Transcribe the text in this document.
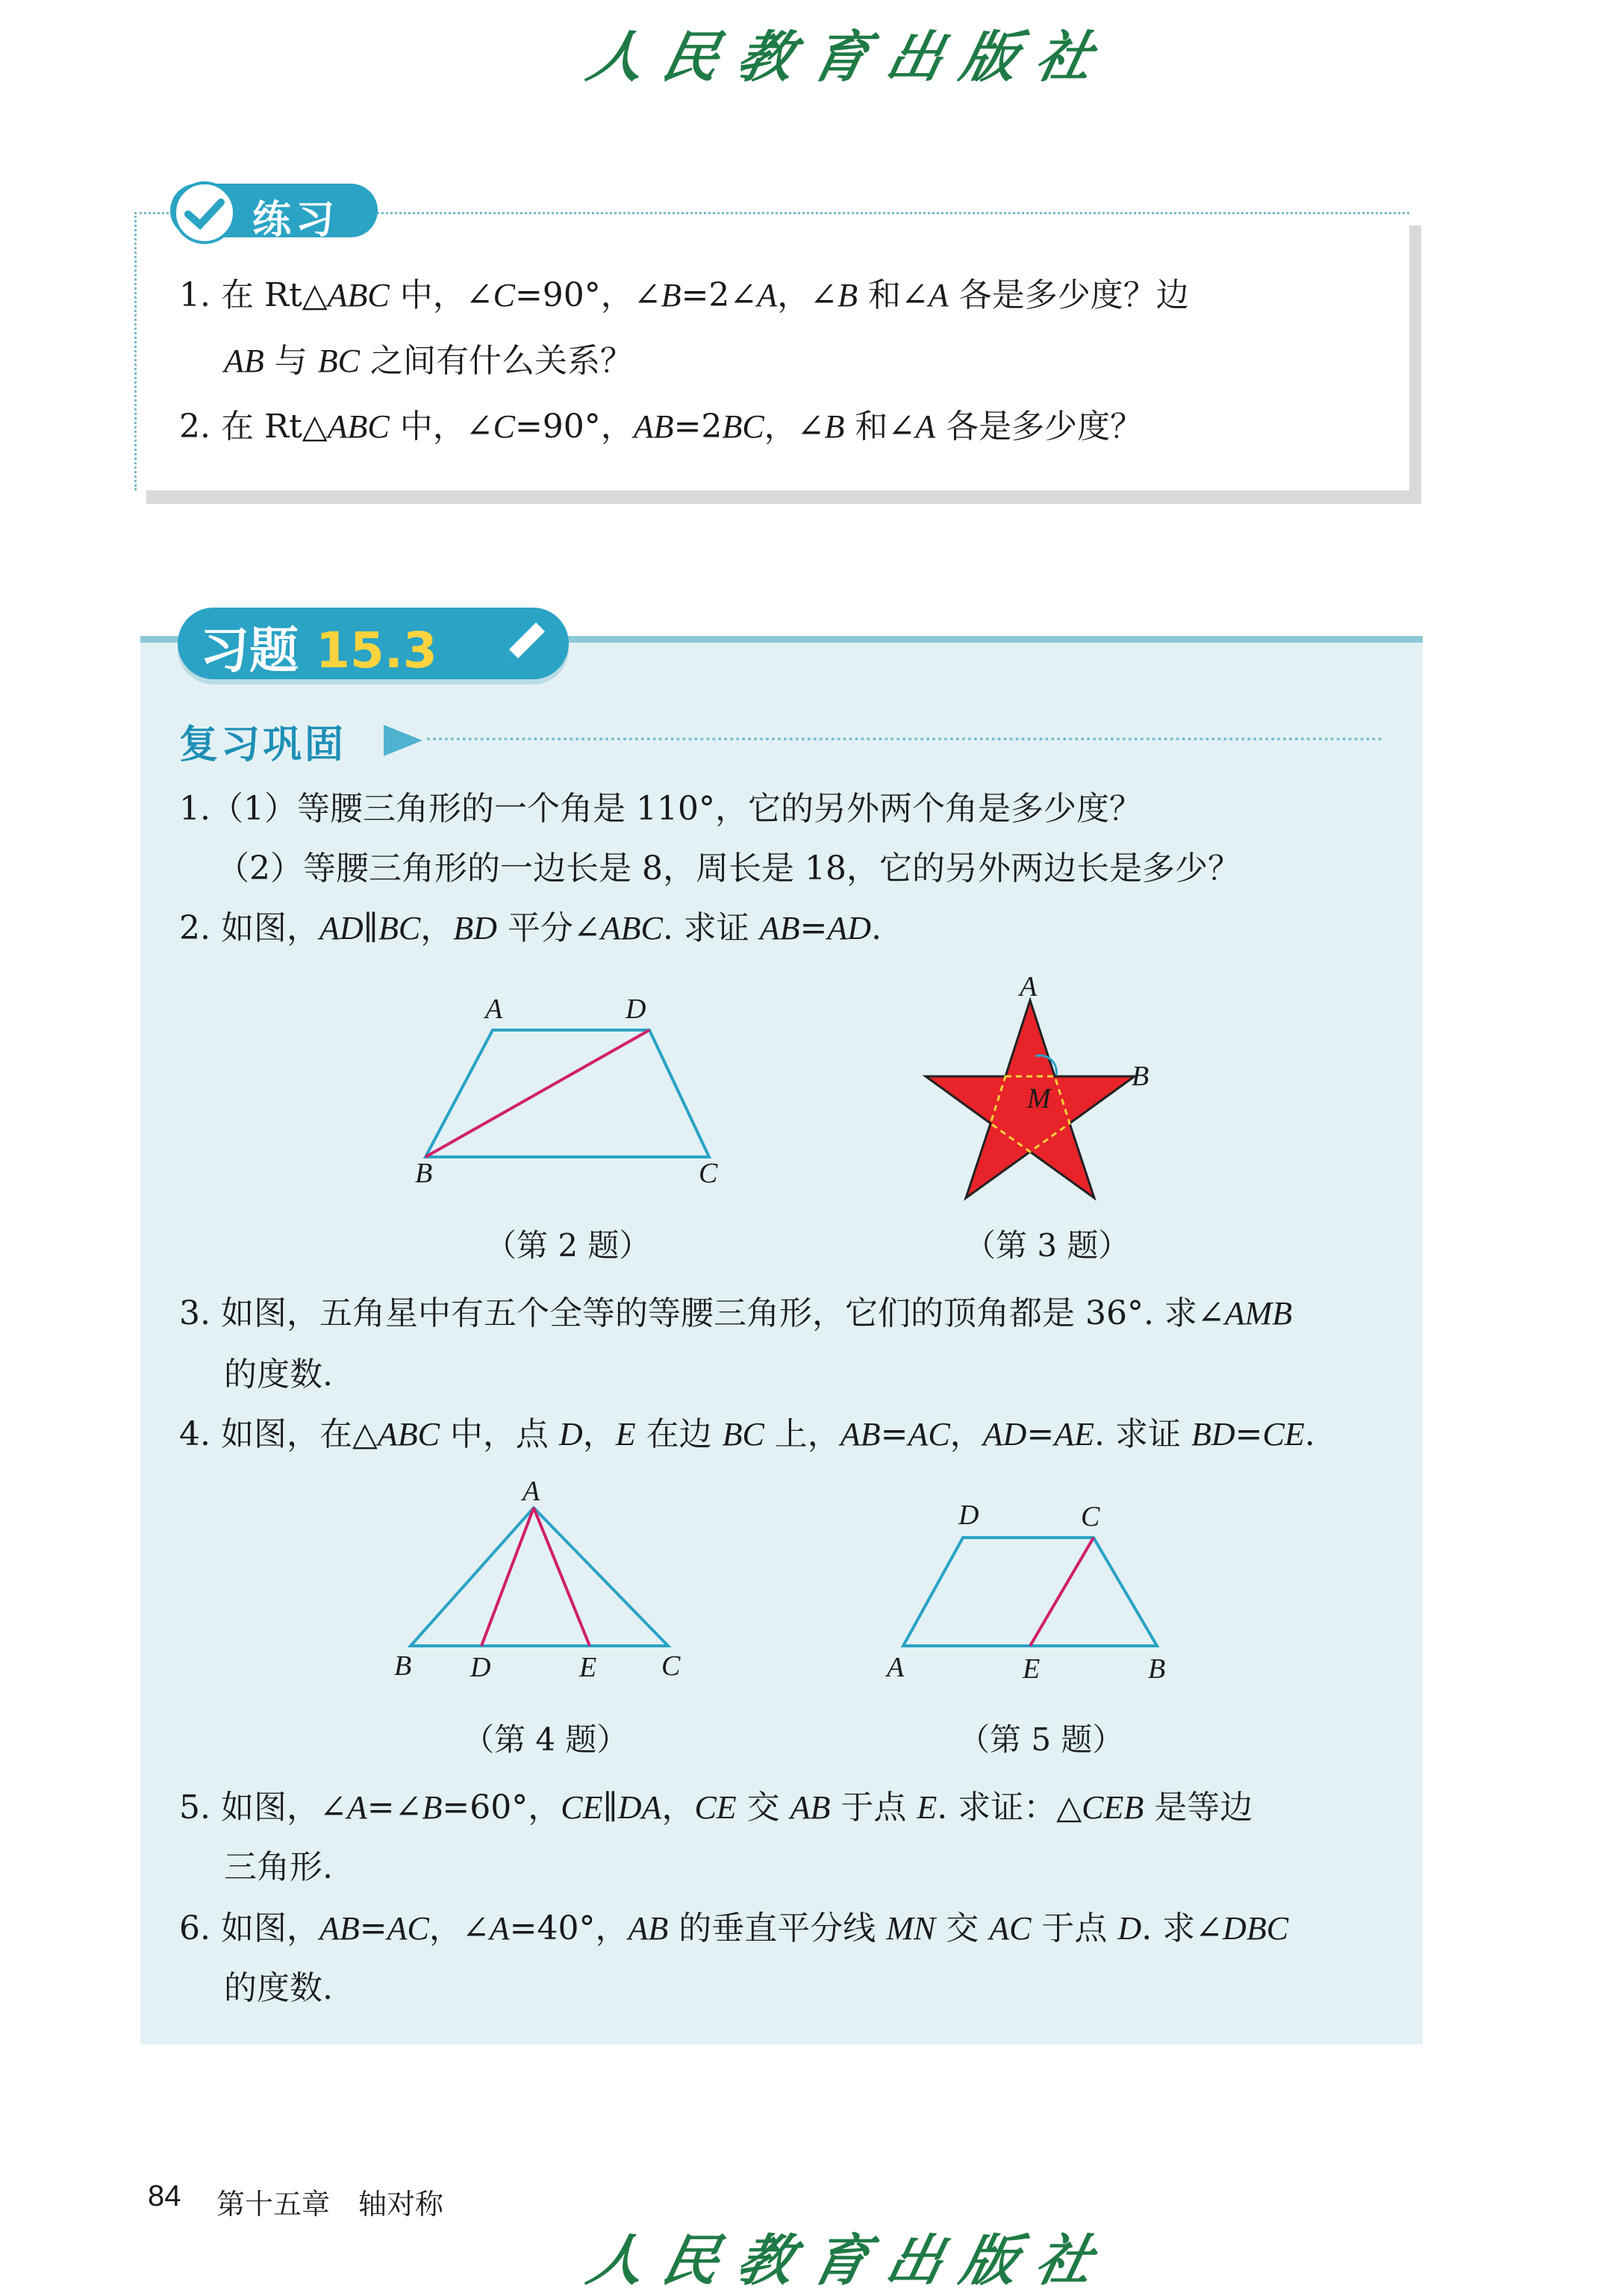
人民教育出版社
练习
1. 在 Rt△ABC 中，∠C=90°，∠B=2∠A，∠B 和∠A 各是多少度？边
AB 与 BC 之间有什么关系？
2. 在 Rt△ABC 中，∠C=90°，AB=2BC，∠B 和∠A 各是多少度？
习题 15.3
复习巩固
1.（1）等腰三角形的一个角是 110°，它的另外两个角是多少度？
（2）等腰三角形的一边长是 8，周长是 18，它的另外两边长是多少？
2. 如图，AD∥BC，BD 平分∠ABC. 求证 AB=AD.
A	D
B	C
（第 2 题）
A
B
M
（第 3 题）
3. 如图，五角星中有五个全等的等腰三角形，它们的顶角都是 36°. 求∠AMB
的度数.
4. 如图，在△ABC 中，点 D，E 在边 BC 上，AB=AC，AD=AE. 求证 BD=CE.
A
B D	E C
（第 4 题）
D	C
A	E	B
（第 5 题）
5. 如图，∠A=∠B=60°，CE∥DA，CE 交 AB 于点 E. 求证：△CEB 是等边
三角形.
6. 如图，AB=AC，∠A=40°，AB 的垂直平分线 MN 交 AC 于点 D. 求∠DBC
的度数.
84 第十五章　轴对称
人民教育出版社
